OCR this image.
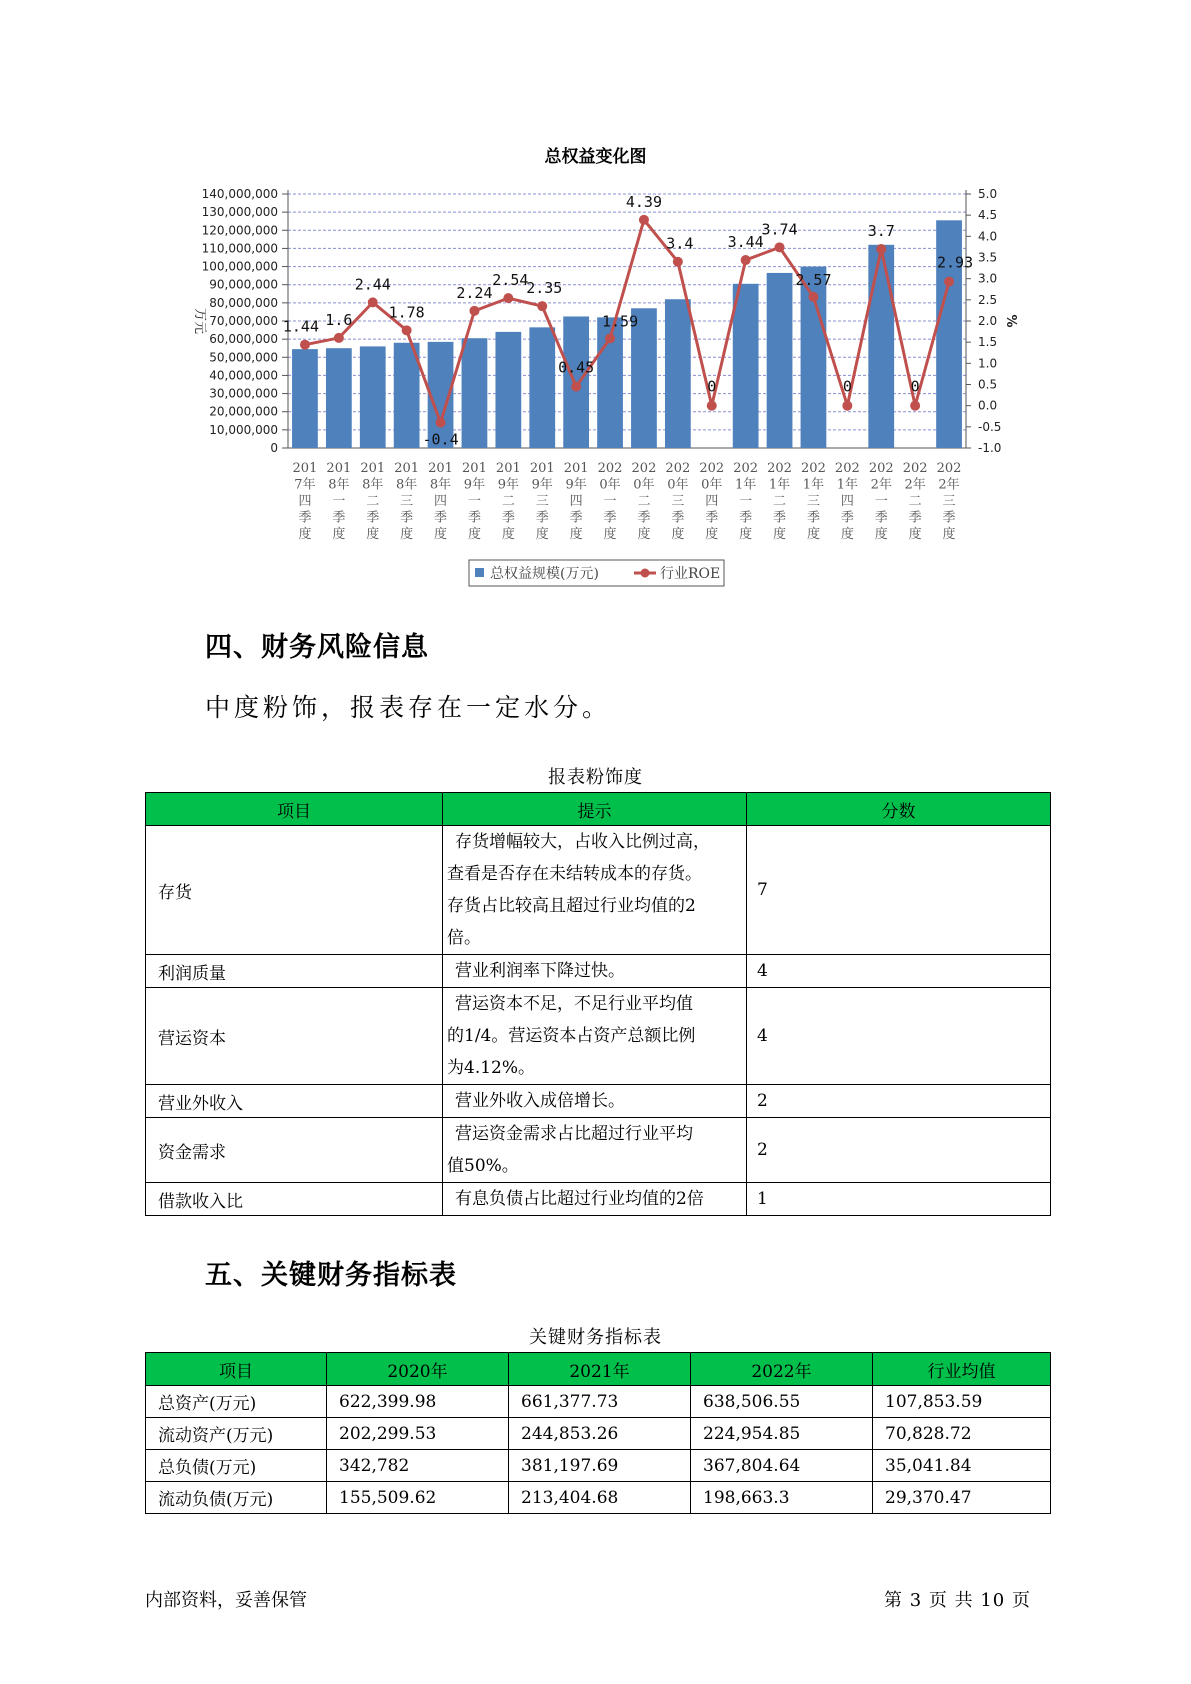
总权益变化图
140,000,000
130,000,000
120,000,000
110,000,000
100,000,000
90,000,000
80,000,000
70,000,000
60,000,000
50,000,000
40,000,000
30,000,000
20,000,000
10,000,000
0
5.0
4.5
4.0
3.5
3.0
2.5
2.0
1.5
1.0
0.5
0.0
-0.5
-1.0
万元	%
201 7年四季度
201 8年一季度
201 8年二季度
201 8年三季度
201 8年四季度
201 9年一季度
201 9年二季度
201 9年三季度
201 9年四季度
202 0年一季度
202 0年二季度
202 0年三季度
202 0年四季度
202 1年一季度
202 1年二季度
202 1年三季度
202 1年四季度
202 2年一季度
202 2年二季度
202 2年三季度
1.44 1.6
2.44
1.78
-0.4
2.24
2.54
2.35
0.45
1.59
4.39
3.4
0
3.44
3.74
2.57
0
3.7
0
2.93
总权益规模(万元)	行业ROE
四、财务风险信息
中度粉饰，报表存在一定水分。
报表粉饰度
项目	提示	分数
存货	存货增幅较大，占收入比例过高，
查看是否存在未结转成本的存货。
存货占比较高且超过行业均值的2
倍。	7
利润质量	营业利润率下降过快。	4
营运资本	营运资本不足，不足行业平均值
的1/4。营运资本占资产总额比例
为4.12%。	4
营业外收入	营业外收入成倍增长。	2
资金需求	营运资金需求占比超过行业平均
值50%。	2
借款收入比	有息负债占比超过行业均值的2倍	1
五、关键财务指标表
关键财务指标表
项目	2020年	2021年	2022年	行业均值
总资产(万元)	622,399.98	661,377.73	638,506.55	107,853.59
流动资产(万元)	202,299.53	244,853.26	224,954.85	70,828.72
总负债(万元)	342,782	381,197.69	367,804.64	35,041.84
流动负债(万元)	155,509.62	213,404.68	198,663.3	29,370.47
内部资料，妥善保管	第 3 页 共 10 页
